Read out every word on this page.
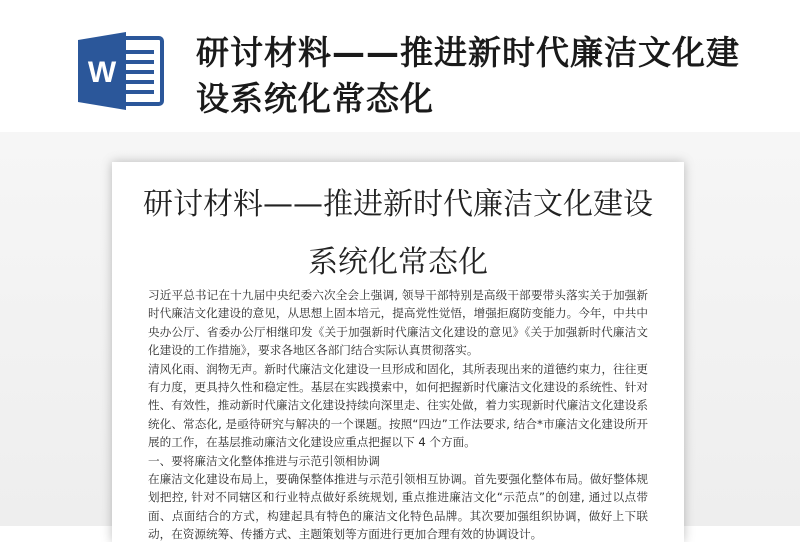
W
研讨材料——推进新时代廉洁文化建设系统化常态化
研讨材料——推进新时代廉洁文化建设系统化常态化

习近平总书记在十九届中央纪委六次全会上强调, 领导干部特别是高级干部要带头落实关于加强新时代廉洁文化建设的意见，从思想上固本培元，提高党性觉悟，增强拒腐防变能力。今年，中共中央办公厅、省委办公厅相继印发《关于加强新时代廉洁文化建设的意见》《关于加强新时代廉洁文化建设的工作措施》，要求各地区各部门结合实际认真贯彻落实。

清风化雨、润物无声。新时代廉洁文化建设一旦形成和固化，其所表现出来的道德约束力，往往更有力度，更具持久性和稳定性。基层在实践摸索中，如何把握新时代廉洁文化建设的系统性、针对性、有效性，推动新时代廉洁文化建设持续向深里走、往实处做，着力实现新时代廉洁文化建设系统化、常态化, 是亟待研究与解决的一个课题。按照“四边”工作法要求, 结合*市廉洁文化建设所开展的工作，在基层推动廉洁文化建设应重点把握以下 4 个方面。

一、要将廉洁文化整体推进与示范引领相协调

在廉洁文化建设布局上，要确保整体推进与示范引领相互协调。首先要强化整体布局。做好整体规划把控, 针对不同辖区和行业特点做好系统规划, 重点推进廉洁文化“示范点”的创建, 通过以点带面、点面结合的方式，构建起具有特色的廉洁文化特色品牌。其次要加强组织协调，做好上下联动，在资源统筹、传播方式、主题策划等方面进行更加合理有效的协调设计。
